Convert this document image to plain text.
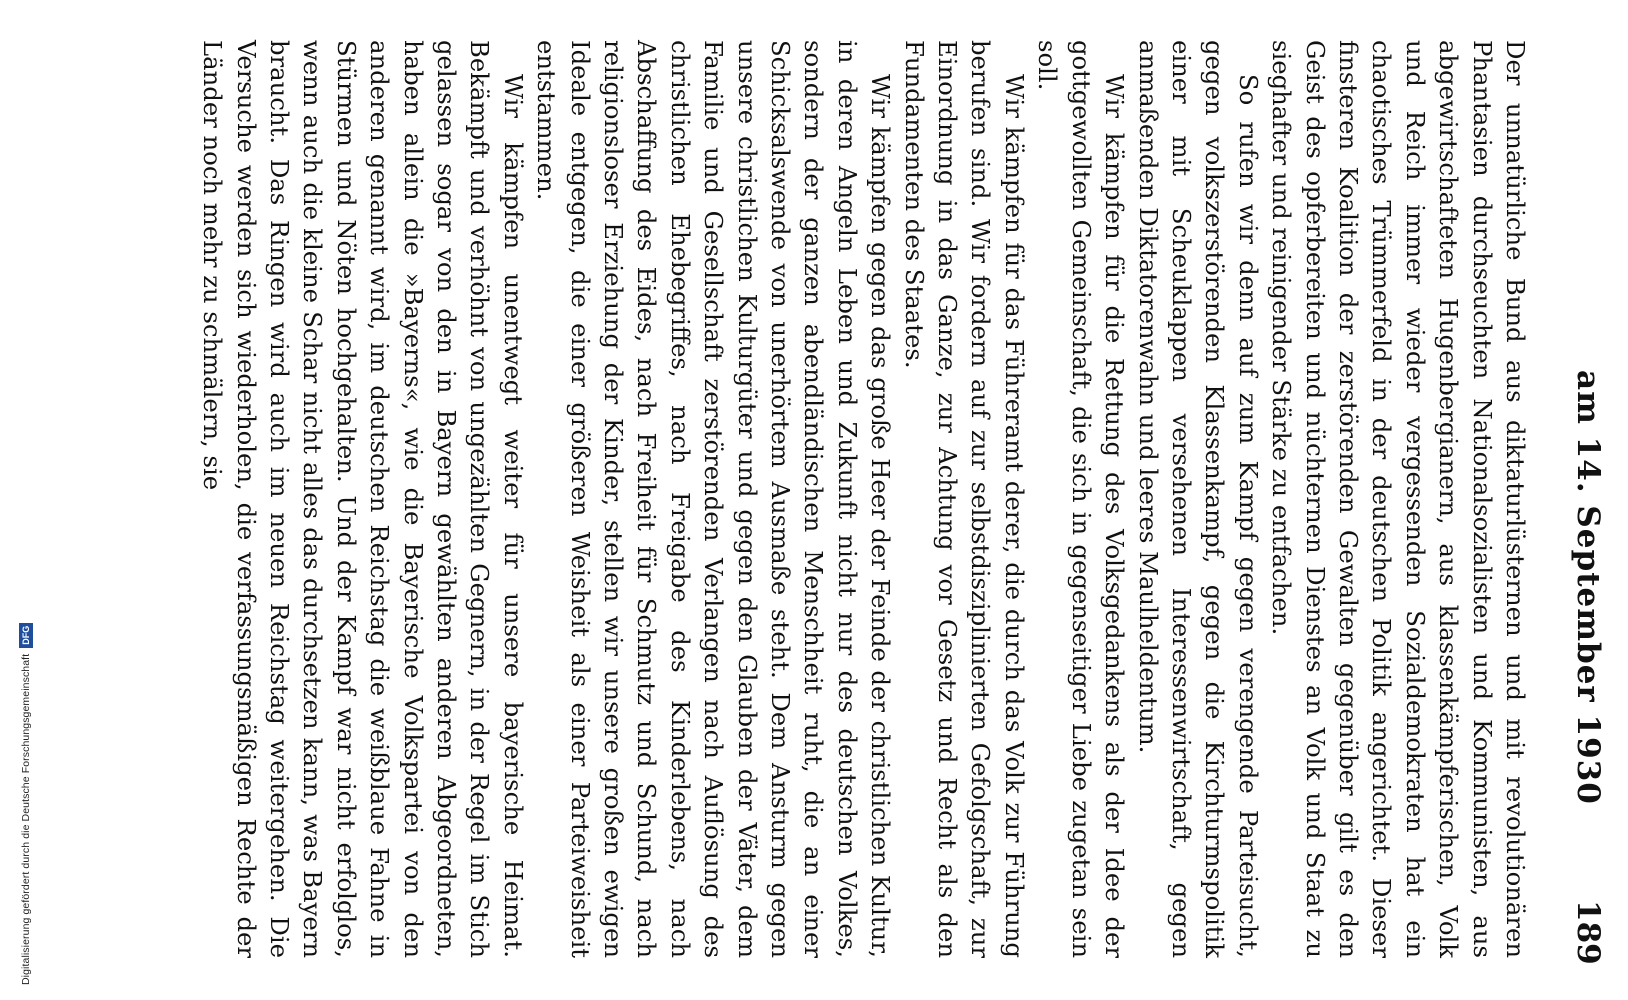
am 14. September 1930
189

Der unnatürliche Bund aus diktaturlüsternen und mit revolutionären Phantasien durchseuchten Nationalsozialisten und Kommunisten, aus abgewirtschafteten Hugenbergianern, aus klassenkämpferischen, Volk und Reich immer wieder vergessenden Sozialdemokraten hat ein chaotisches Trümmerfeld in der deutschen Politik angerichtet. Dieser finsteren Koalition der zerstörenden Gewalten gegenüber gilt es den Geist des opferbereiten und nüchternen Dienstes an Volk und Staat zu sieghafter und reinigender Stärke zu entfachen.

So rufen wir denn auf zum Kampf gegen verengende Parteisucht, gegen volkszerstörenden Klassenkampf, gegen die Kirchturmspolitik einer mit Scheuklappen versehenen Interessenwirtschaft, gegen anmaßenden Diktatorenwahn und leeres Maulheldentum.

Wir kämpfen für die Rettung des Volksgedankens als der Idee der gottgewollten Gemeinschaft, die sich in gegenseitiger Liebe zugetan sein soll.

Wir kämpfen für das Führeramt derer, die durch das Volk zur Führung berufen sind. Wir fordern auf zur selbstdisziplinierten Gefolgschaft, zur Einordnung in das Ganze, zur Achtung vor Gesetz und Recht als den Fundamenten des Staates.

Wir kämpfen gegen das große Heer der Feinde der christlichen Kultur, in deren Angeln Leben und Zukunft nicht nur des deutschen Volkes, sondern der ganzen abendländischen Menschheit ruht, die an einer Schicksalswende von unerhörtem Ausmaße steht. Dem Ansturm gegen unsere christlichen Kulturgüter und gegen den Glauben der Väter, dem Familie und Gesellschaft zerstörenden Verlangen nach Auflösung des christlichen Ehebegriffes, nach Freigabe des Kinderlebens, nach Abschaffung des Eides, nach Freiheit für Schmutz und Schund, nach religionsloser Erziehung der Kinder, stellen wir unsere großen ewigen Ideale entgegen, die einer größeren Weisheit als einer Parteiweisheit entstammen.

Wir kämpfen unentwegt weiter für unsere bayerische Heimat. Bekämpft und verhöhnt von ungezählten Gegnern, in der Regel im Stich gelassen sogar von den in Bayern gewählten anderen Abgeordneten, haben allein die »Bayerns«, wie die Bayerische Volkspartei von den anderen genannt wird, im deutschen Reichstag die weißblaue Fahne in Stürmen und Nöten hochgehalten. Und der Kampf war nicht erfolglos, wenn auch die kleine Schar nicht alles das durchsetzen kann, was Bayern braucht. Das Ringen wird auch im neuen Reichstag weitergehen. Die Versuche werden sich wiederholen, die verfassungsmäßigen Rechte der Länder noch mehr zu schmälern, sie

Digitalisierung gefördert durch die Deutsche Forschungsgemeinschaft
DFG
